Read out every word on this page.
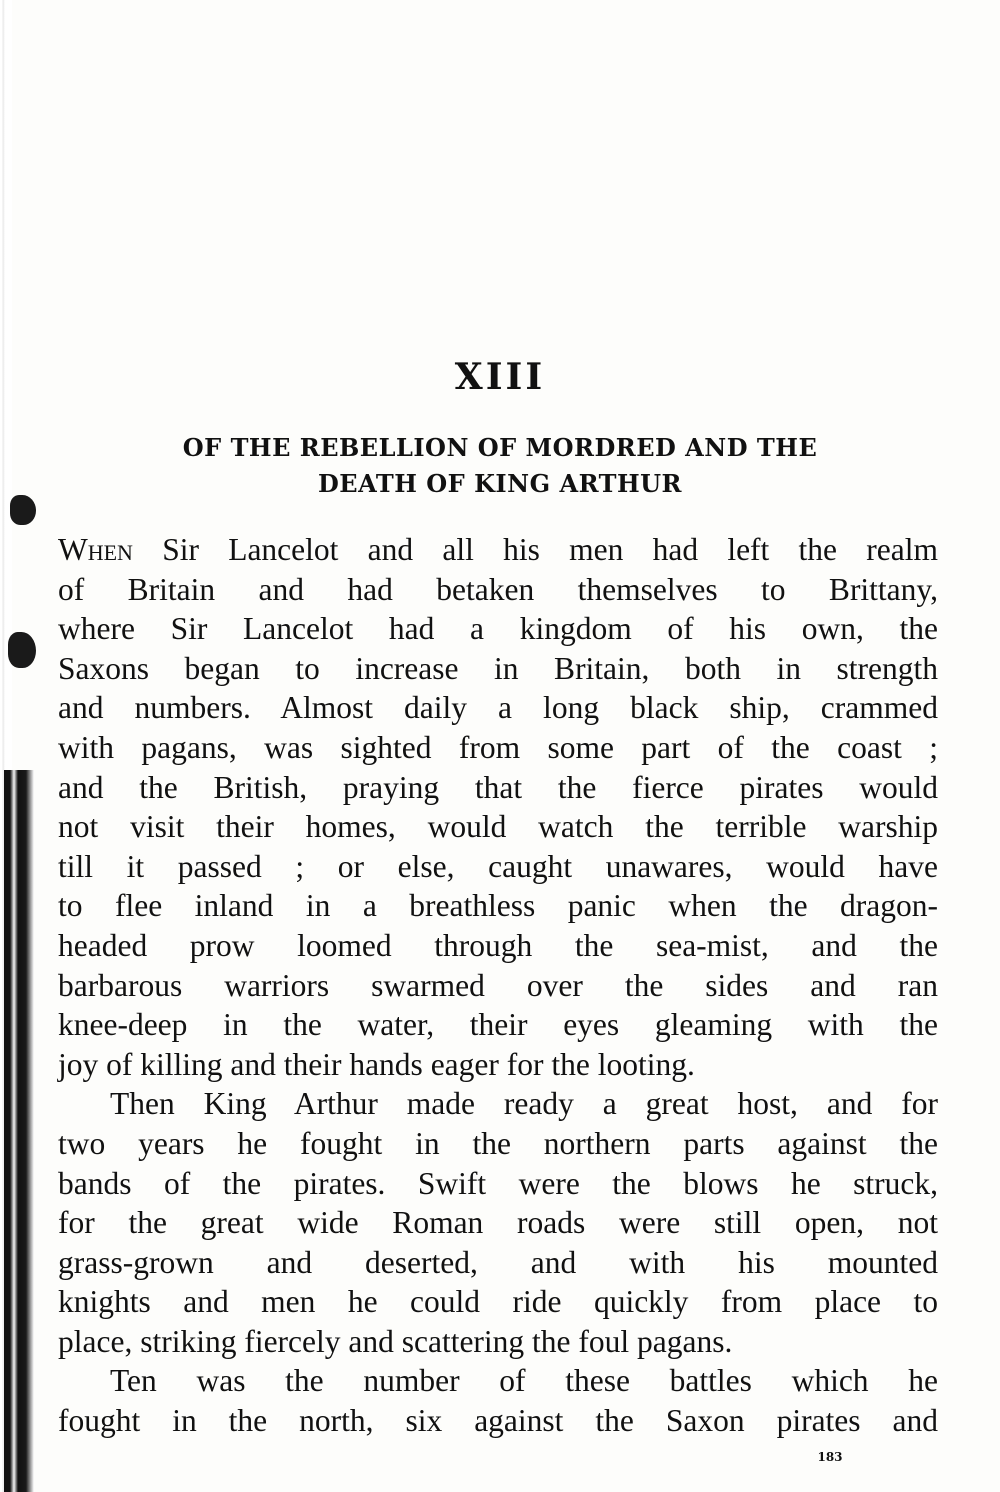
XIII
OF THE REBELLION OF MORDRED AND THE
DEATH OF KING ARTHUR
When Sir Lancelot and all his men had left the realm
of Britain and had betaken themselves to Brittany,
where Sir Lancelot had a kingdom of his own, the
Saxons began to increase in Britain, both in strength
and numbers. Almost daily a long black ship, crammed
with pagans, was sighted from some part of the coast ;
and the British, praying that the fierce pirates would
not visit their homes, would watch the terrible warship
till it passed ; or else, caught unawares, would have
to flee inland in a breathless panic when the dragon-
headed prow loomed through the sea-mist, and the
barbarous warriors swarmed over the sides and ran
knee-deep in the water, their eyes gleaming with the
joy of killing and their hands eager for the looting.
Then King Arthur made ready a great host, and for
two years he fought in the northern parts against the
bands of the pirates. Swift were the blows he struck,
for the great wide Roman roads were still open, not
grass-grown and deserted, and with his mounted
knights and men he could ride quickly from place to
place, striking fiercely and scattering the foul pagans.
Ten was the number of these battles which he
fought in the north, six against the Saxon pirates and
183
